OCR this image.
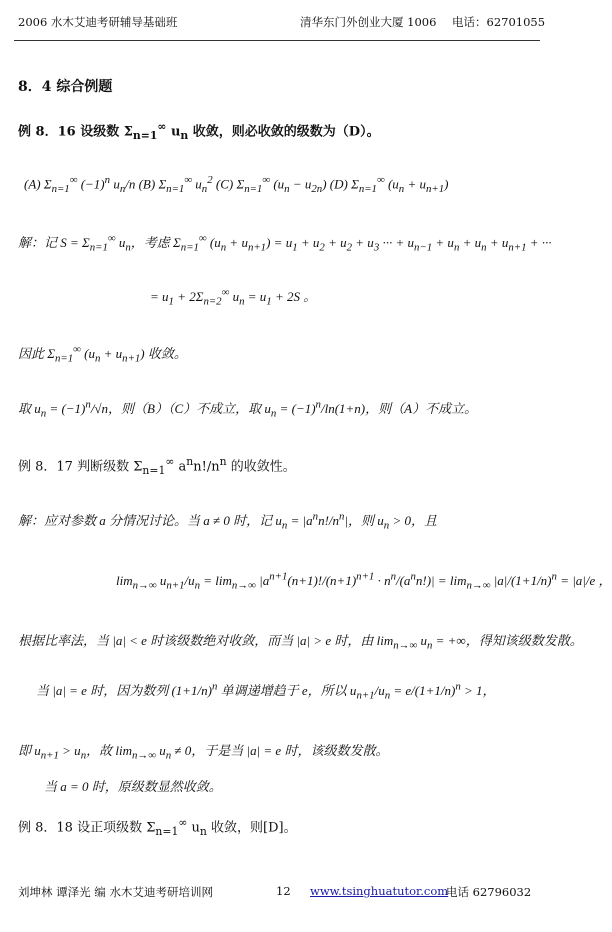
2006 水木艾迪考研辅导基础班	清华东门外创业大厦 1006 电话：62701055
8．4 综合例题
例 8．16 设级数 $\Sigma_{n=1}^\infty$ $u_n$ 收敛，则必收敛的级数为（D）。
(A) $\Sigma_{n=1}^\infty$ $(-1)^n$ $u_n/n$ (B) $\Sigma_{n=1}^\infty$ $u_n^2$ (C) $\Sigma_{n=1}^\infty$ $(u_n - u_{2n})$ (D) $\Sigma_{n=1}^\infty$ $(u_n + u_{n+1})$
解：记 $S = \Sigma_{n=1}^\infty$ $u_n$，考虑 $\Sigma_{n=1}^\infty$ $(u_n + u_{n+1}) = u_1 + u_2 + u_2 + u_3$ ··· + $u_{n-1} + u_n + u_n + u_{n+1}$ + ···
= $u_1 + 2\Sigma_{n=2}^\infty$ $u_n = u_1 + 2S$ 。
因此 $\Sigma_{n=1}^\infty$ $(u_n + u_{n+1})$ 收敛。
取 $u_n = (-1)^n/√n$，则（B）（C）不成立，取 $u_n = (-1)^n/\ln(1+n)$，则（A）不成立。
例 8．17 判断级数 $\Sigma_{n=1}^\infty$ $a^nn!/n^n$ 的收敛性。
解：应对参数 a 分情况讨论。当 a ≠ 0 时，记 $u_n = |a^nn!/n^n|$，则 $u_n > 0$，且
$\lim_{n\to\infty} u_{n+1}/u_n = \lim_{n\to\infty} |a^{n+1}(n+1)!/(n+1)^{n+1} \cdot n^n/(a^nn!)| = \lim_{n\to\infty} |a|/(1+1/n)^n = |a|/e$ ，
根据比率法，当 |a| < e 时该级数绝对收敛，而当 |a| > e 时，由 $\lim_{n\to\infty} u_n$ = +∞，得知该级数发散。
当 |a| = e 时，因为数列 $(1+1/n)^n$ 单调递增趋于 e，所以 $u_{n+1}/u_n = e/(1+1/n)^n > 1$，
即 $u_{n+1} > u_n$，故 $\lim_{n\to\infty} u_n \ne 0$，于是当 |a| = e 时，该级数发散。
当 a = 0 时，原级数显然收敛。
例 8．18 设正项级数 $\Sigma_{n=1}^\infty$ $u_n$ 收敛，则[D]。
刘坤林 谭泽光 编 水木艾迪考研培训网	12 www.tsinghuatutor.com
电话 62796032
